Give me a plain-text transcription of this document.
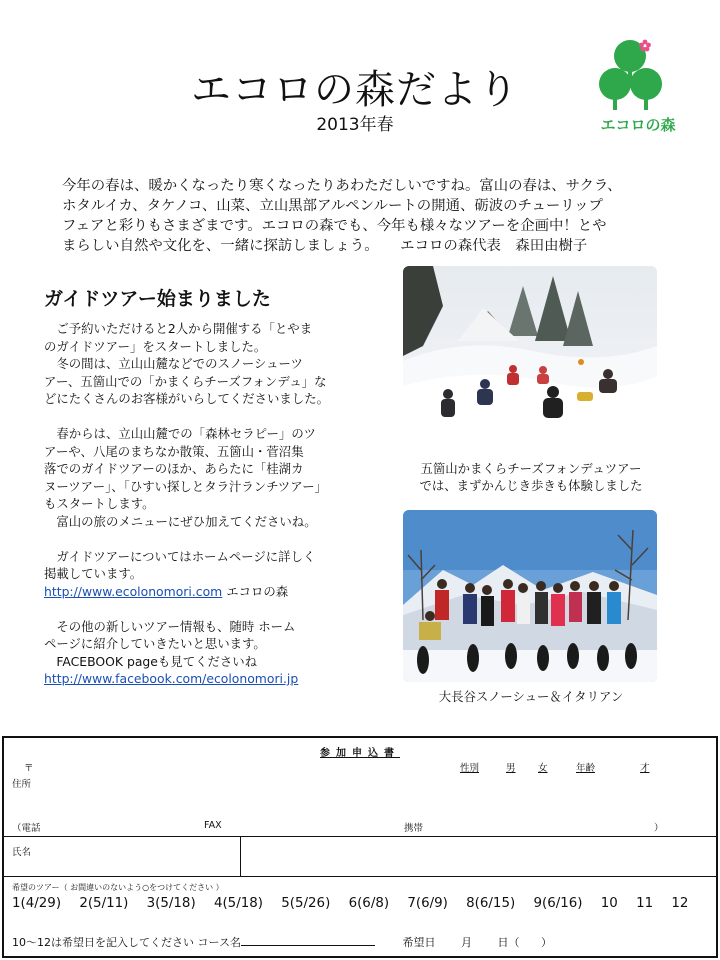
エコロの森だより
2013年春	エコロの森

今年の春は、暖かくなったり寒くなったりあわただしいですね。富山の春は、サクラ、

ホタルイカ、タケノコ、山菜、立山黒部アルペンルートの開通、砺波のチューリップ

フェアと彩りもさまざまです。エコロの森でも、今年も様々なツアーを企画中！とや

まらしい自然や文化を、一緒に探訪しましょう。　　エコロの森代表　森田由樹子

ガイドツアー始まりました
　ご予約いただけると2人から開催する「とやま
のガイドツアー」をスタートしました。
　冬の間は、立山山麓などでのスノーシューツ
アー、五箇山での「かまくらチーズフォンデュ」な
どにたくさんのお客様がいらしてくださいました。
　春からは、立山山麓での「森林セラピー」のツ
アーや、八尾のまちなか散策、五箇山・菅沼集
落でのガイドツアーのほか、あらたに「桂湖カ
ヌーツアー」、「ひすい探しとタラ汁ランチツアー」
もスタートします。
　富山の旅のメニューにぜひ加えてくださいね。
　ガイドツアーについてはホームページに詳しく
掲載しています。
http://www.ecolonomori.com エコロの森
　その他の新しいツアー情報も、随時 ホーム
ページに紹介していきたいと思います。
　FACEBOOK pageも見てくださいね
http://www.facebook.com/ecolonomori.jp
五箇山かまくらチーズフォンデュツアー
では、まずかんじき歩きも体験しました
大長谷スノーシュー＆イタリアン
参加申込書
〒	性別	男 女	年齢	才
住所
（電話	FAX	携帯	）
氏名
希望のツアー（ お間違いのないよう○をつけてください ）
1(4/29) 2(5/11) 3(5/18) 4(5/18) 5(5/26) 6(6/8) 7(6/9) 8(6/15) 9(6/16) 10 11 12
10～12は希望日を記入してください コース名	希望日 月 日（ ）
